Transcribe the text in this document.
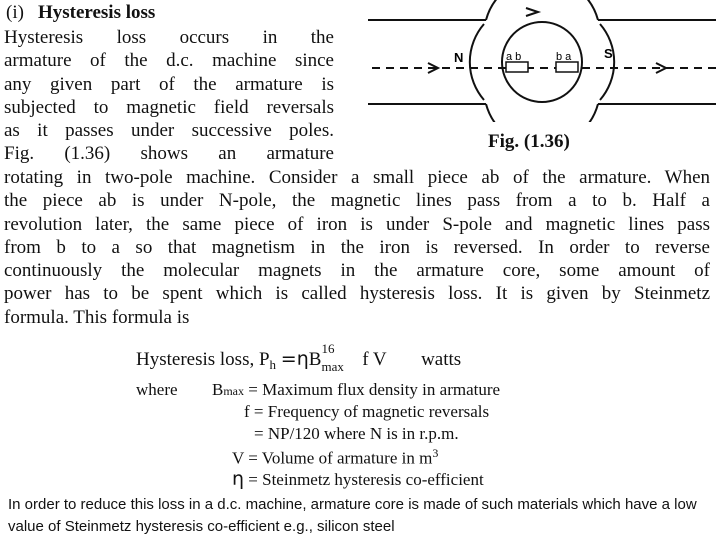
(i) Hysteresis loss
Hysteresis loss occurs in the
armature of the d.c. machine since
any given part of the armature is
subjected to magnetic field reversals
as it passes under successive poles.
Fig. (1.36) shows an armature
N	S
a b	b a
Fig. (1.36)
rotating in two-pole machine. Consider a small piece ab of the armature. When
the piece ab is under N-pole, the magnetic lines pass from a to b. Half a
revolution later, the same piece of iron is under S-pole and magnetic lines pass
from b to a so that magnetism in the iron is reversed. In order to reverse
continuously the molecular magnets in the armature core, some amount of
power has to be spent which is called hysteresis loss. It is given by Steinmetz
formula. This formula is
Hysteresis loss, $P_h =\eta B$
16
max f V watts
where Bmax = Maximum flux density in armature
f = Frequency of magnetic reversals
= NP/120 where N is in r.p.m.
V = Volume of armature in $m^3$
η = Steinmetz hysteresis co-efficient
In order to reduce this loss in a d.c. machine, armature core is made of such materials which have a low value of Steinmetz hysteresis co-efficient e.g., silicon steel
